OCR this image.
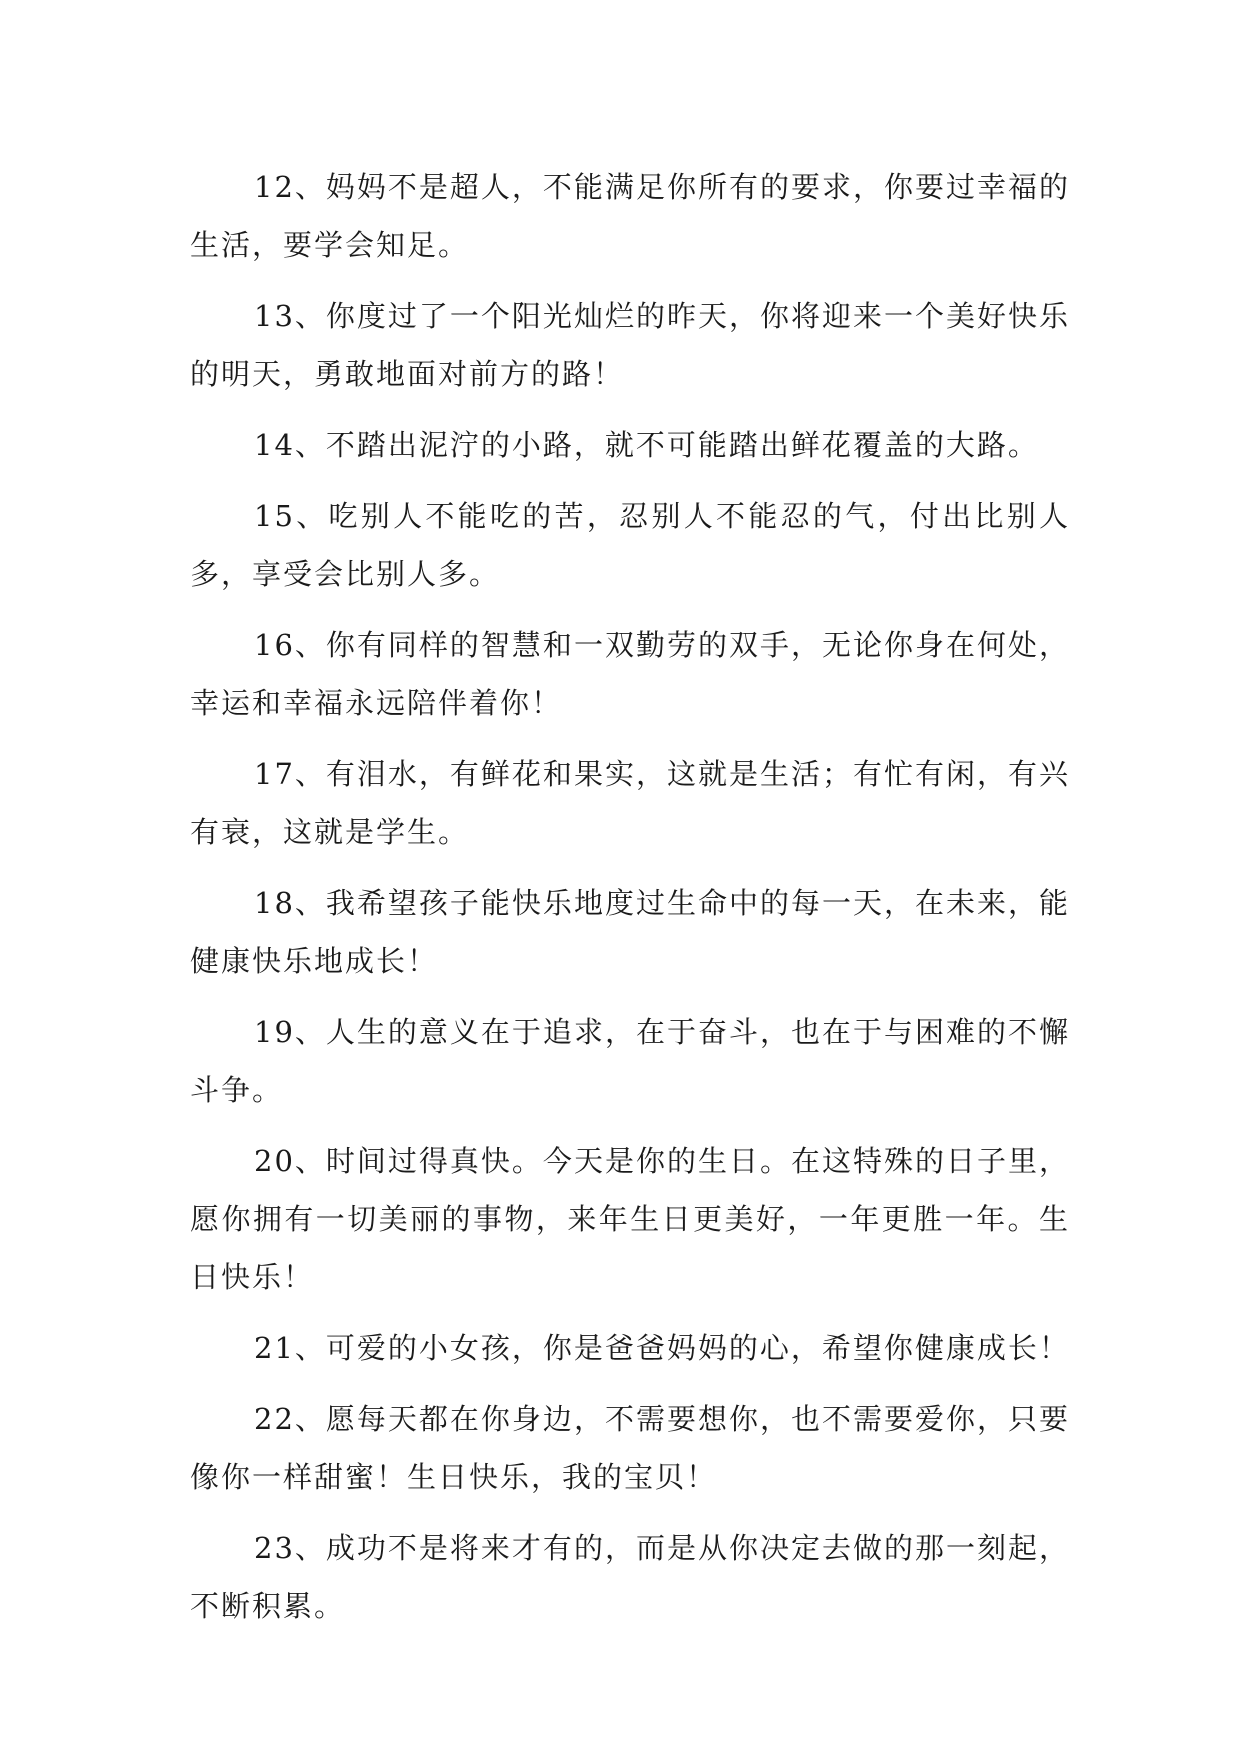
12、妈妈不是超人，不能满足你所有的要求，你要过幸福的生活，要学会知足。

13、你度过了一个阳光灿烂的昨天，你将迎来一个美好快乐的明天，勇敢地面对前方的路！

14、不踏出泥泞的小路，就不可能踏出鲜花覆盖的大路。

15、吃别人不能吃的苦，忍别人不能忍的气，付出比别人多，享受会比别人多。

16、你有同样的智慧和一双勤劳的双手，无论你身在何处，幸运和幸福永远陪伴着你！

17、有泪水，有鲜花和果实，这就是生活；有忙有闲，有兴有衰，这就是学生。

18、我希望孩子能快乐地度过生命中的每一天，在未来，能健康快乐地成长！

19、人生的意义在于追求，在于奋斗，也在于与困难的不懈斗争。

20、时间过得真快。今天是你的生日。在这特殊的日子里，愿你拥有一切美丽的事物，来年生日更美好，一年更胜一年。生日快乐！

21、可爱的小女孩，你是爸爸妈妈的心，希望你健康成长！

22、愿每天都在你身边，不需要想你，也不需要爱你，只要像你一样甜蜜！生日快乐，我的宝贝！

23、成功不是将来才有的，而是从你决定去做的那一刻起，不断积累。
